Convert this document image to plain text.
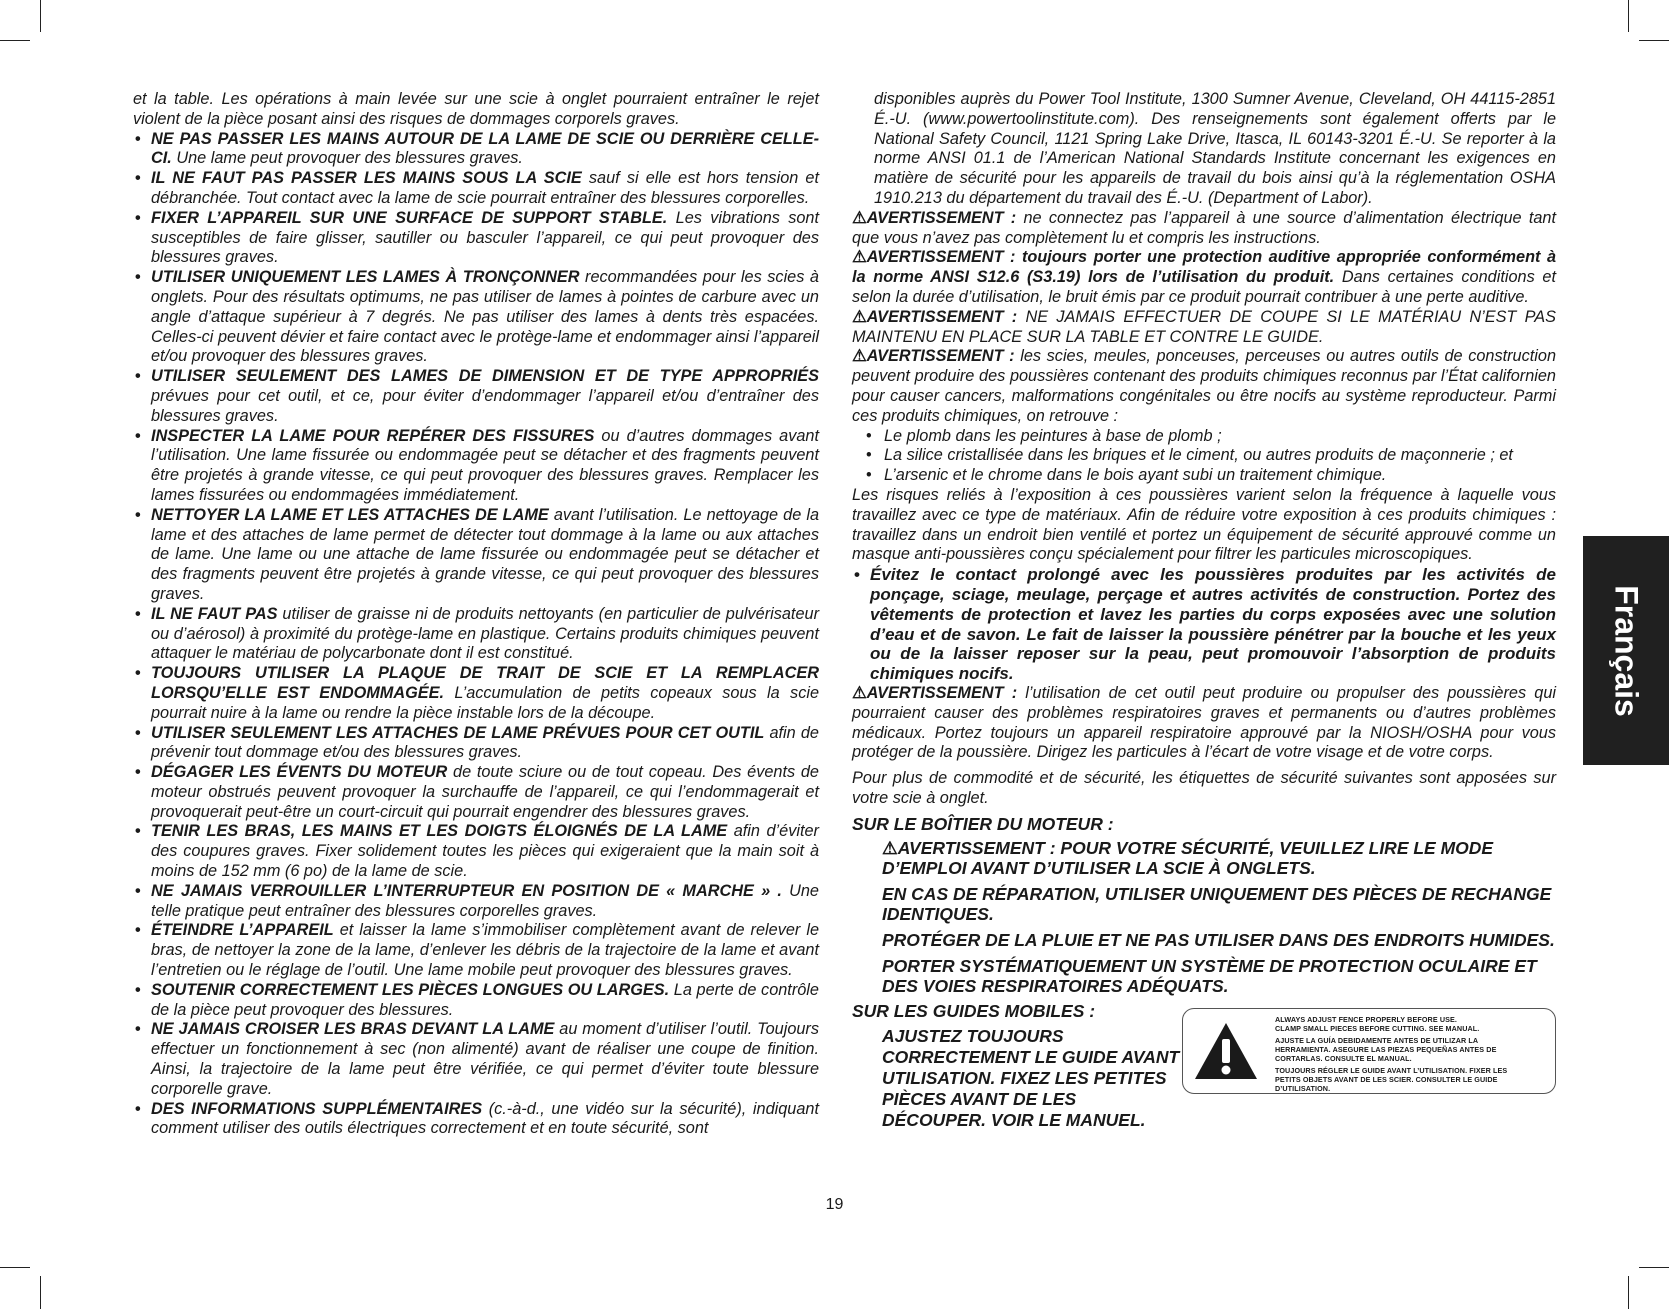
et la table. Les opérations à main levée sur une scie à onglet pourraient entraîner le rejet violent de la pièce posant ainsi des risques de dommages corporels graves.

• NE PAS PASSER LES MAINS AUTOUR DE LA LAME DE SCIE OU DERRIÈRE CELLE-CI. Une lame peut provoquer des blessures graves.

• IL NE FAUT PAS PASSER LES MAINS SOUS LA SCIE sauf si elle est hors tension et débranchée. Tout contact avec la lame de scie pourrait entraîner des blessures corporelles.

• FIXER L’APPAREIL SUR UNE SURFACE DE SUPPORT STABLE. Les vibrations sont susceptibles de faire glisser, sautiller ou basculer l’appareil, ce qui peut provoquer des blessures graves.

• UTILISER UNIQUEMENT LES LAMES À TRONÇONNER recommandées pour les scies à onglets. Pour des résultats optimums, ne pas utiliser de lames à pointes de carbure avec un angle d’attaque supérieur à 7 degrés. Ne pas utiliser des lames à dents très espacées. Celles-ci peuvent dévier et faire contact avec le protège-lame et endommager ainsi l’appareil et/ou provoquer des blessures graves.

• UTILISER SEULEMENT DES LAMES DE DIMENSION ET DE TYPE APPROPRIÉS prévues pour cet outil, et ce, pour éviter d’endommager l’appareil et/ou d’entraîner des blessures graves.

• INSPECTER LA LAME POUR REPÉRER DES FISSURES ou d’autres dommages avant l’utilisation. Une lame fissurée ou endommagée peut se détacher et des fragments peuvent être projetés à grande vitesse, ce qui peut provoquer des blessures graves. Remplacer les lames fissurées ou endommagées immédiatement.

• NETTOYER LA LAME ET LES ATTACHES DE LAME avant l’utilisation. Le nettoyage de la lame et des attaches de lame permet de détecter tout dommage à la lame ou aux attaches de lame. Une lame ou une attache de lame fissurée ou endommagée peut se détacher et des fragments peuvent être projetés à grande vitesse, ce qui peut provoquer des blessures graves.

• IL NE FAUT PAS utiliser de graisse ni de produits nettoyants (en particulier de pulvérisateur ou d’aérosol) à proximité du protège-lame en plastique. Certains produits chimiques peuvent attaquer le matériau de polycarbonate dont il est constitué.

• TOUJOURS UTILISER LA PLAQUE DE TRAIT DE SCIE ET LA REMPLACER LORSQU’ELLE EST ENDOMMAGÉE. L’accumulation de petits copeaux sous la scie pourrait nuire à la lame ou rendre la pièce instable lors de la découpe.

• UTILISER SEULEMENT LES ATTACHES DE LAME PRÉVUES POUR CET OUTIL afin de prévenir tout dommage et/ou des blessures graves.

• DÉGAGER LES ÉVENTS DU MOTEUR de toute sciure ou de tout copeau. Des évents de moteur obstrués peuvent provoquer la surchauffe de l’appareil, ce qui l’endommagerait et provoquerait peut-être un court-circuit qui pourrait engendrer des blessures graves.

• TENIR LES BRAS, LES MAINS ET LES DOIGTS ÉLOIGNÉS DE LA LAME afin d’éviter des coupures graves. Fixer solidement toutes les pièces qui exigeraient que la main soit à moins de 152 mm (6 po) de la lame de scie.

• NE JAMAIS VERROUILLER L’INTERRUPTEUR EN POSITION DE « MARCHE » . Une telle pratique peut entraîner des blessures corporelles graves.

• ÉTEINDRE L’APPAREIL et laisser la lame s’immobiliser complètement avant de relever le bras, de nettoyer la zone de la lame, d’enlever les débris de la trajectoire de la lame et avant l’entretien ou le réglage de l’outil. Une lame mobile peut provoquer des blessures graves.

• SOUTENIR CORRECTEMENT LES PIÈCES LONGUES OU LARGES. La perte de contrôle de la pièce peut provoquer des blessures.

• NE JAMAIS CROISER LES BRAS DEVANT LA LAME au moment d’utiliser l’outil. Toujours effectuer un fonctionnement à sec (non alimenté) avant de réaliser une coupe de finition. Ainsi, la trajectoire de la lame peut être vérifiée, ce qui permet d’éviter toute blessure corporelle grave.

• DES INFORMATIONS SUPPLÉMENTAIRES (c.-à-d., une vidéo sur la sécurité), indiquant comment utiliser des outils électriques correctement et en toute sécurité, sont

disponibles auprès du Power Tool Institute, 1300 Sumner Avenue, Cleveland, OH 44115-2851 É.-U. (www.powertoolinstitute.com). Des renseignements sont également offerts par le National Safety Council, 1121 Spring Lake Drive, Itasca, IL 60143-3201 É.-U. Se reporter à la norme ANSI 01.1 de l’American National Standards Institute concernant les exigences en matière de sécurité pour les appareils de travail du bois ainsi qu’à la réglementation OSHA 1910.213 du département du travail des É.-U. (Department of Labor).

⚠AVERTISSEMENT : ne connectez pas l’appareil à une source d’alimentation électrique tant que vous n’avez pas complètement lu et compris les instructions.

⚠AVERTISSEMENT : toujours porter une protection auditive appropriée conformément à la norme ANSI S12.6 (S3.19) lors de l’utilisation du produit. Dans certaines conditions et selon la durée d’utilisation, le bruit émis par ce produit pourrait contribuer à une perte auditive.

⚠AVERTISSEMENT : NE JAMAIS EFFECTUER DE COUPE SI LE MATÉRIAU N’EST PAS MAINTENU EN PLACE SUR LA TABLE ET CONTRE LE GUIDE.

⚠AVERTISSEMENT : les scies, meules, ponceuses, perceuses ou autres outils de construction peuvent produire des poussières contenant des produits chimiques reconnus par l’État californien pour causer cancers, malformations congénitales ou être nocifs au système reproducteur. Parmi ces produits chimiques, on retrouve :

• Le plomb dans les peintures à base de plomb ;

• La silice cristallisée dans les briques et le ciment, ou autres produits de maçonnerie ; et

• L’arsenic et le chrome dans le bois ayant subi un traitement chimique.

Les risques reliés à l’exposition à ces poussières varient selon la fréquence à laquelle vous travaillez avec ce type de matériaux. Afin de réduire votre exposition à ces produits chimiques : travaillez dans un endroit bien ventilé et portez un équipement de sécurité approuvé comme un masque anti-poussières conçu spécialement pour filtrer les particules microscopiques.

• Évitez le contact prolongé avec les poussières produites par les activités de ponçage, sciage, meulage, perçage et autres activités de construction. Portez des vêtements de protection et lavez les parties du corps exposées avec une solution d’eau et de savon. Le fait de laisser la poussière pénétrer par la bouche et les yeux ou de la laisser reposer sur la peau, peut promouvoir l’absorption de produits chimiques nocifs.

⚠AVERTISSEMENT : l’utilisation de cet outil peut produire ou propulser des poussières qui pourraient causer des problèmes respiratoires graves et permanents ou d’autres problèmes médicaux. Portez toujours un appareil respiratoire approuvé par la NIOSH/OSHA pour vous protéger de la poussière. Dirigez les particules à l’écart de votre visage et de votre corps.

Pour plus de commodité et de sécurité, les étiquettes de sécurité suivantes sont apposées sur votre scie à onglet.

SUR LE BOÎTIER DU MOTEUR :

⚠AVERTISSEMENT : POUR VOTRE SÉCURITÉ, VEUILLEZ LIRE LE MODE D’EMPLOI AVANT D’UTILISER LA SCIE À ONGLETS.

EN CAS DE RÉPARATION, UTILISER UNIQUEMENT DES PIÈCES DE RECHANGE IDENTIQUES.

PROTÉGER DE LA PLUIE ET NE PAS UTILISER DANS DES ENDROITS HUMIDES.

PORTER SYSTÉMATIQUEMENT UN SYSTÈME DE PROTECTION OCULAIRE ET DES VOIES RESPIRATOIRES ADÉQUATS.

SUR LES GUIDES MOBILES :

AJUSTEZ TOUJOURS CORRECTEMENT LE GUIDE AVANT UTILISATION. FIXEZ LES PETITES PIÈCES AVANT DE LES DÉCOUPER. VOIR LE MANUEL.
ALWAYS ADJUST FENCE PROPERLY BEFORE USE.
CLAMP SMALL PIECES BEFORE CUTTING. SEE MANUAL.
AJUSTE LA GUÍA DEBIDAMENTE ANTES DE UTILIZAR LA
HERRAMIENTA. ASEGURE LAS PIEZAS PEQUEÑAS ANTES DE
CORTARLAS. CONSULTE EL MANUAL.
TOUJOURS RÉGLER LE GUIDE AVANT L’UTILISATION. FIXER LES
PETITS OBJETS AVANT DE LES SCIER. CONSULTER LE GUIDE
D’UTILISATION.
Français
19
